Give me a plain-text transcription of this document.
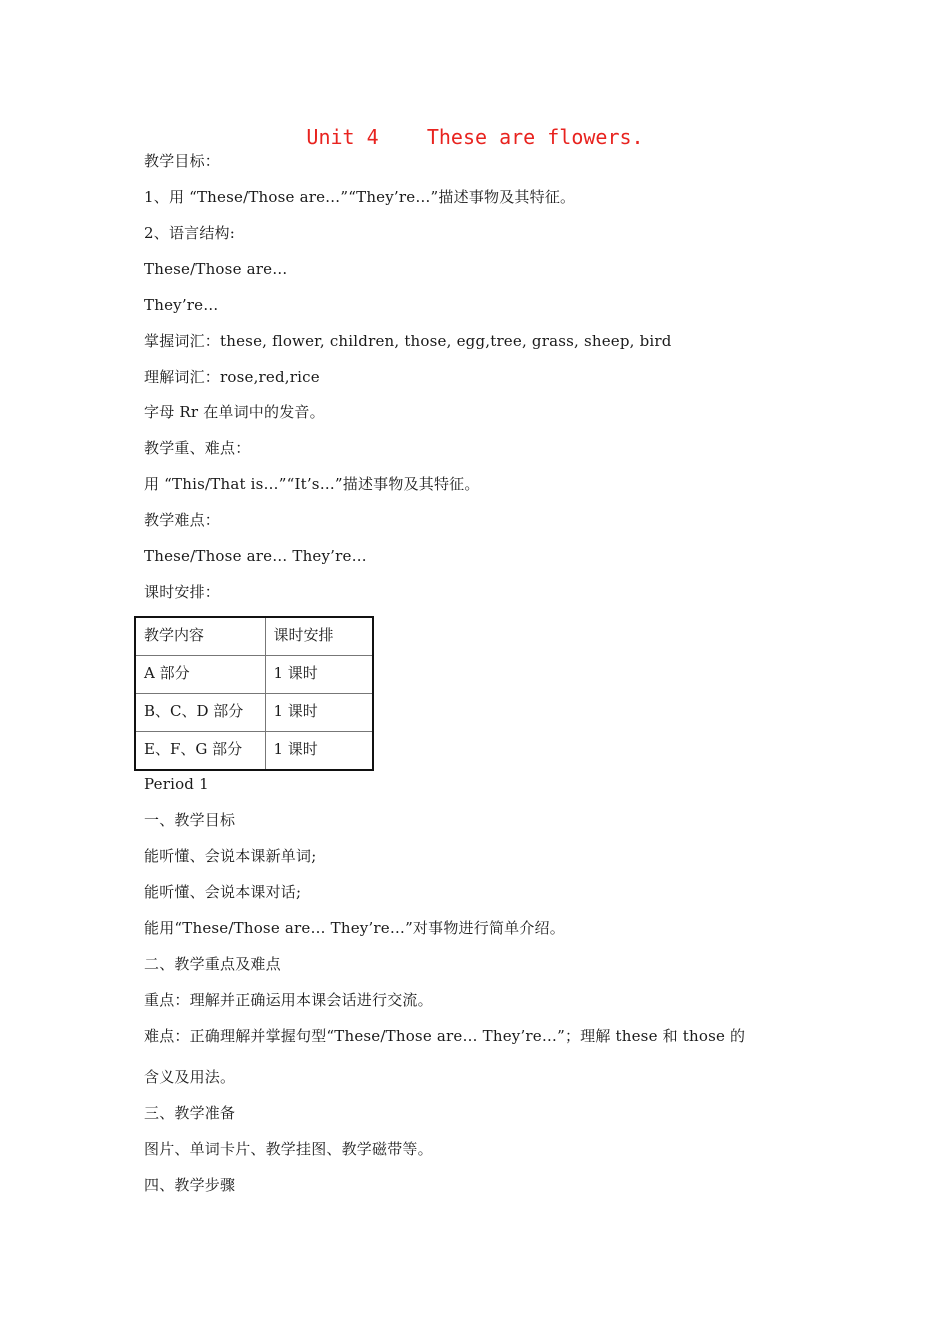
Unit 4    These are flowers.
教学目标：
1、用 “These/Those are…”“They’re…”描述事物及其特征。
2、语言结构:
These/Those are…
They’re…
掌握词汇：these, flower, children, those, egg,tree, grass, sheep, bird
理解词汇：rose,red,rice
字母 Rr 在单词中的发音。
教学重、难点：
用 “This/That is…”“It’s…”描述事物及其特征。
教学难点：
These/Those are… They’re…
课时安排：
教学内容	课时安排
A 部分	1 课时
B、C、D 部分	1 课时
E、F、G 部分	1 课时
Period 1
一、教学目标
能听懂、会说本课新单词;
能听懂、会说本课对话;
能用“These/Those are… They’re…”对事物进行简单介绍。
二、教学重点及难点
重点：理解并正确运用本课会话进行交流。
难点：正确理解并掌握句型“These/Those are… They’re…”；理解 these 和 those 的
含义及用法。
三、教学准备
图片、单词卡片、教学挂图、教学磁带等。
四、教学步骤
